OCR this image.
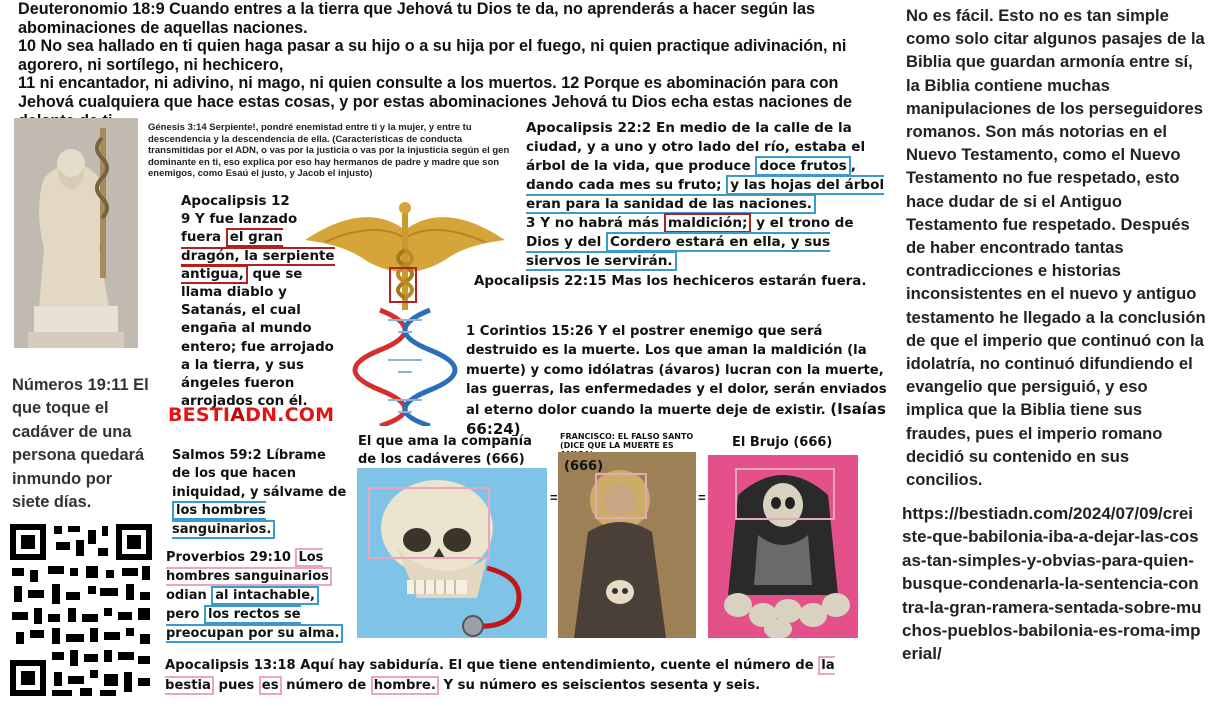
Deuteronomio 18:9 Cuando entres a la tierra que Jehová tu Dios te da, no aprenderás a hacer según las abominaciones de aquellas naciones.
10 No sea hallado en ti quien haga pasar a su hijo o a su hija por el fuego, ni quien practique adivinación, ni agorero, ni sortílego, ni hechicero,
11 ni encantador, ni adivino, ni mago, ni quien consulte a los muertos. 12 Porque es abominación para con Jehová cualquiera que hace estas cosas, y por estas abominaciones Jehová tu Dios echa estas naciones de
No es fácil. Esto no es tan simple como solo citar algunos pasajes de la Biblia que guardan armonía entre sí, la Biblia contiene muchas manipulaciones de los perseguidores romanos. Son más notorias en el Nuevo Testamento, como el Nuevo Testamento no fue respetado, esto hace dudar de si el Antiguo Testamento fue respetado. Después de haber encontrado tantas contradicciones e historias inconsistentes en el nuevo y antiguo testamento he llegado a la conclusión de que el imperio que continuó con la idolatría, no continuó difundiendo el evangelio que persiguió, y eso implica que la Biblia tiene sus fraudes, pues el imperio romano decidió su contenido en sus concilios.
https://bestiadn.com/2024/07/09/creiste-que-babilonia-iba-a-dejar-las-cosas-tan-simples-y-obvias-para-quien-busque-condenarla-la-sentencia-contra-la-gran-ramera-sentada-sobre-muchos-pueblos-babilonia-es-roma-imperial/
Génesis 3:14 Serpiente!, pondré enemistad entre ti y la mujer, y entre tu descendencia y la descendencia de ella. (Características de conducta transmitidas por el ADN, o vas por la justicia o vas por la injusticia según el gen dominante en ti, eso explica por eso hay hermanos de padre y madre que son enemigos, como Esaú el justo, y Jacob el injusto)
Apocalipsis 22:2 En medio de la calle de la ciudad, y a uno y otro lado del río, estaba el árbol de la vida, que produce doce frutos , dando cada mes su fruto; y las hojas del árbol eran para la sanidad de las naciones.
3 Y no habrá más maldición; y el trono de Dios y del Cordero estará en ella, y sus siervos le servirán.
Apocalipsis 12
9 Y fue lanzado fuera el gran dragón, la serpiente antigua, que se llama diablo y Satanás, el cual engaña al mundo entero; fue arrojado a la tierra, y sus ángeles fueron arrojados con él.
Apocalipsis 22:15 Mas los hechiceros estarán fuera.
1 Corintios 15:26 Y el postrer enemigo que será destruido es la muerte. Los que aman la maldición (la muerte) y como idólatras (ávaros) lucran con la muerte, las guerras, las enfermedades y el dolor, serán enviados al eterno dolor cuando la muerte deje de existir. (Isaías 66:24)
Números 19:11 El que toque el cadáver de una persona quedará inmundo por siete días.
BESTIADN.COM
Salmos 59:2 Líbrame de los que hacen iniquidad, y sálvame de los hombres sanguinarios.
Proverbios 29:10 Los hombres sanguinarios odian al intachable, pero los rectos se preocupan por su alma.
El que ama la compañía
de los cadáveres (666)
=
FRANCISCO: EL FALSO SANTO
(DICE QUE LA MUERTE ES
(666)
=
El Brujo (666)
Apocalipsis 13:18 Aquí hay sabiduría. El que tiene entendimiento, cuente el número de la bestia pues es número de hombre. Y su número es seiscientos sesenta y seis.
